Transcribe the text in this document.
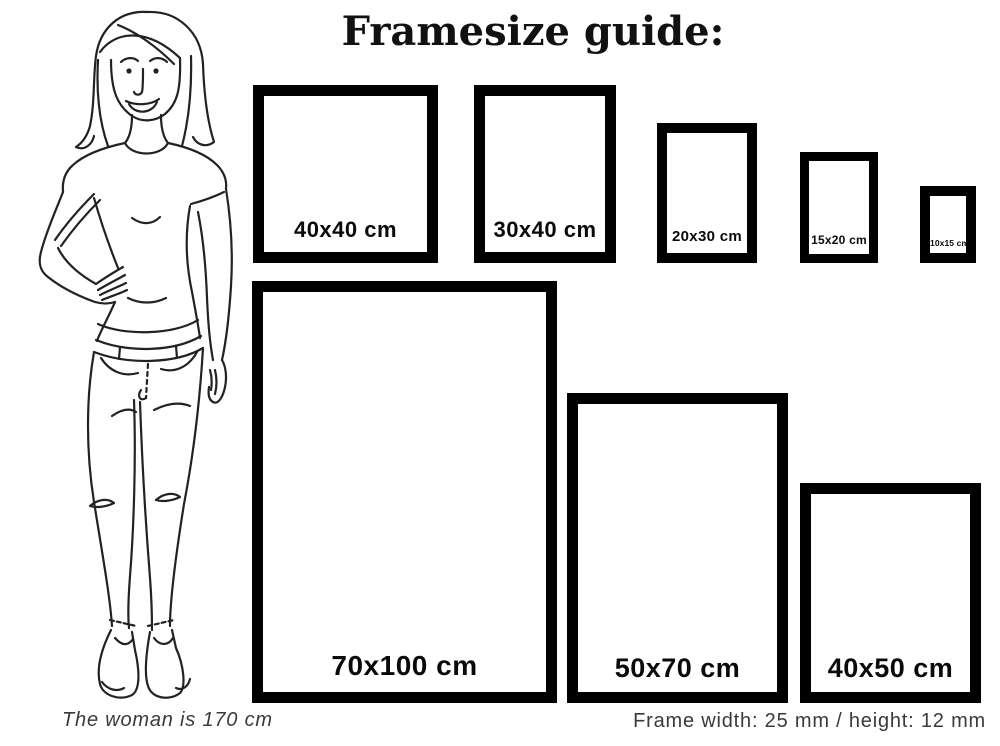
Framesize guide:
40x40 cm	30x40 cm	20x30 cm	15x20 cm	10x15 cm
70x100 cm	50x70 cm	40x50 cm
The woman is 170 cm	Frame width: 25 mm / height: 12 mm
